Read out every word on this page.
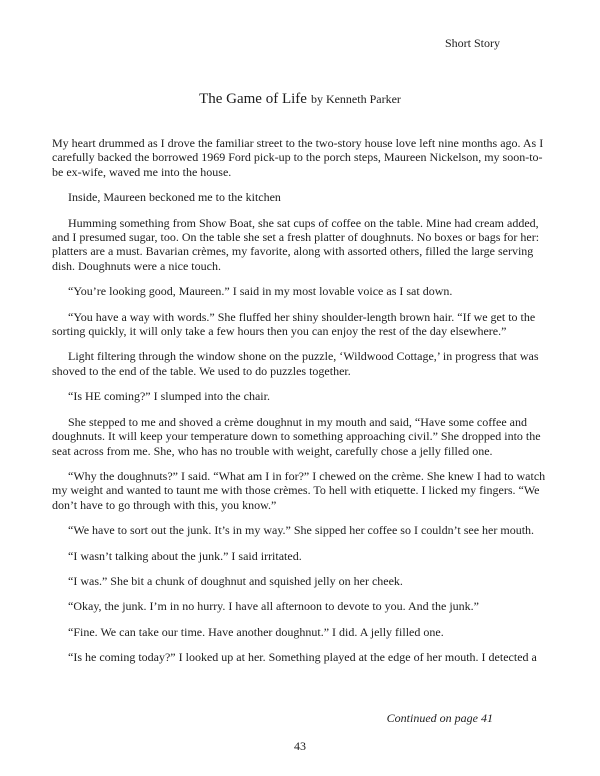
Short Story
The Game of Life by Kenneth Parker

My heart drummed as I drove the familiar street to the two-story house love left nine months ago. As I carefully backed the borrowed 1969 Ford pick-up to the porch steps, Maureen Nickelson, my soon-to-be ex-wife, waved me into the house.

Inside, Maureen beckoned me to the kitchen

Humming something from Show Boat, she sat cups of coffee on the table. Mine had cream added, and I presumed sugar, too. On the table she set a fresh platter of doughnuts. No boxes or bags for her: platters are a must. Bavarian crèmes, my favorite, along with assorted others, filled the large serving dish. Doughnuts were a nice touch.

“You’re looking good, Maureen.” I said in my most lovable voice as I sat down.

“You have a way with words.” She fluffed her shiny shoulder-length brown hair. “If we get to the sorting quickly, it will only take a few hours then you can enjoy the rest of the day elsewhere.”

Light filtering through the window shone on the puzzle, ‘Wildwood Cottage,’ in progress that was shoved to the end of the table. We used to do puzzles together.

“Is HE coming?” I slumped into the chair.

She stepped to me and shoved a crème doughnut in my mouth and said, “Have some coffee and doughnuts. It will keep your temperature down to something approaching civil.” She dropped into the seat across from me. She, who has no trouble with weight, carefully chose a jelly filled one.

“Why the doughnuts?” I said. “What am I in for?” I chewed on the crème. She knew I had to watch my weight and wanted to taunt me with those crèmes. To hell with etiquette. I licked my fingers. “We don’t have to go through with this, you know.”

“We have to sort out the junk. It’s in my way.” She sipped her coffee so I couldn’t see her mouth.

“I wasn’t talking about the junk.” I said irritated.

“I was.” She bit a chunk of doughnut and squished jelly on her cheek.

“Okay, the junk. I’m in no hurry. I have all afternoon to devote to you. And the junk.”

“Fine. We can take our time. Have another doughnut.” I did. A jelly filled one.

“Is he coming today?” I looked up at her. Something played at the edge of her mouth. I detected a

Continued on page 41
43
